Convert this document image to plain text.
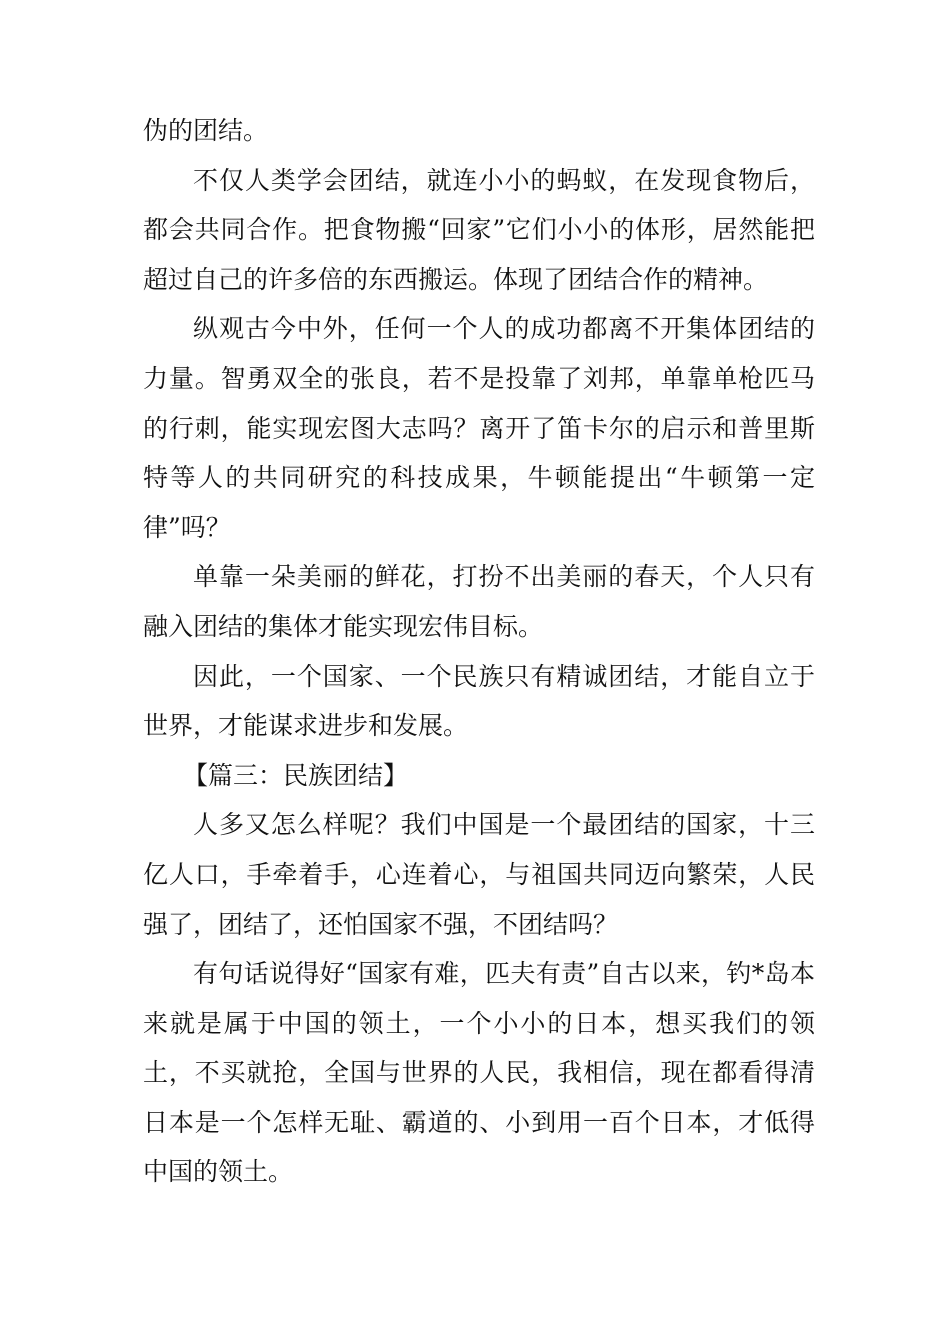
伪的团结。

不仅人类学会团结，就连小小的蚂蚁，在发现食物后，都会共同合作。把食物搬“回家”它们小小的体形，居然能把超过自己的许多倍的东西搬运。体现了团结合作的精神。

纵观古今中外，任何一个人的成功都离不开集体团结的力量。智勇双全的张良，若不是投靠了刘邦，单靠单枪匹马的行刺，能实现宏图大志吗？离开了笛卡尔的启示和普里斯特等人的共同研究的科技成果，牛顿能提出“牛顿第一定律”吗？

单靠一朵美丽的鲜花，打扮不出美丽的春天，个人只有融入团结的集体才能实现宏伟目标。

因此，一个国家、一个民族只有精诚团结，才能自立于世界，才能谋求进步和发展。

【篇三：民族团结】

人多又怎么样呢？我们中国是一个最团结的国家，十三亿人口，手牵着手，心连着心，与祖国共同迈向繁荣，人民强了，团结了，还怕国家不强，不团结吗？

有句话说得好“国家有难，匹夫有责”自古以来，钓*岛本来就是属于中国的领土，一个小小的日本，想买我们的领土，不买就抢，全国与世界的人民，我相信，现在都看得清日本是一个怎样无耻、霸道的、小到用一百个日本，才低得中国的领土。
